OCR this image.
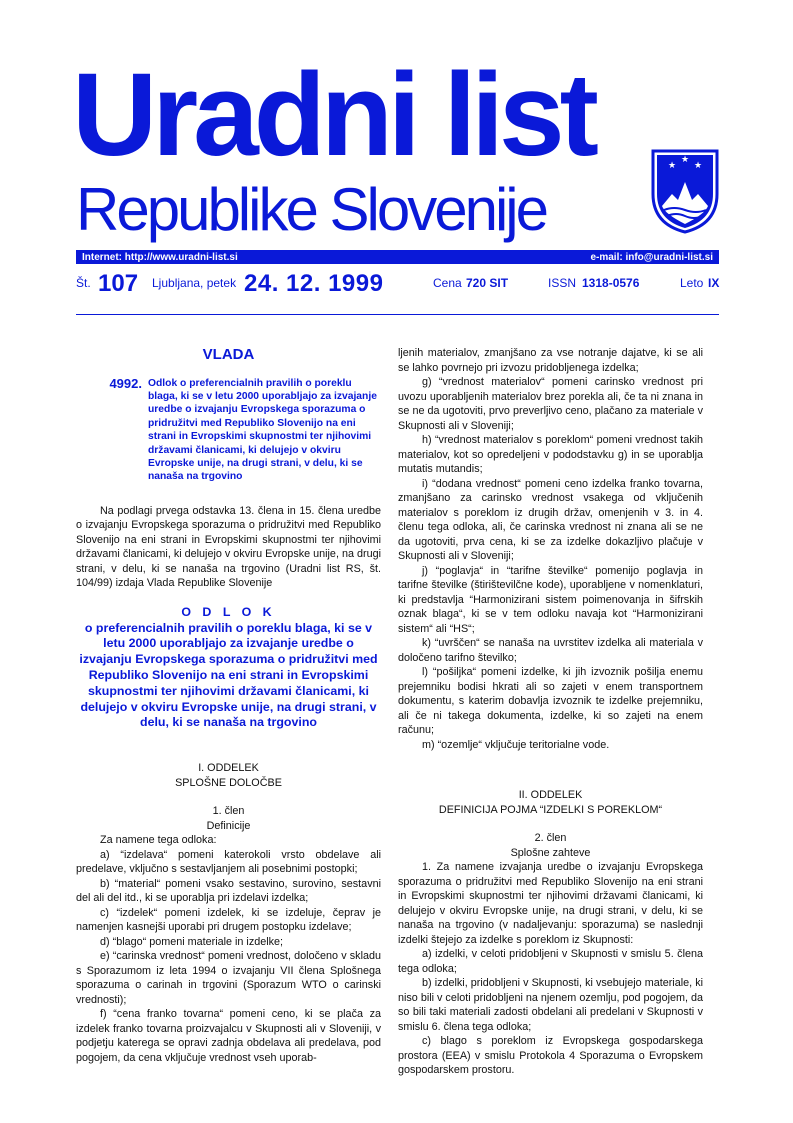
Uradni list
Republike Slovenije
★
★
★
Internet: http://www.uradni-list.si	e-mail: info@uradni-list.si
Št. 107 Ljubljana, petek 24. 12. 1999	Cena 720 SIT	ISSN 1318-0576	Leto IX
VLADA
4992. Odlok o preferencialnih pravilih o poreklu blaga, ki se v letu 2000 uporabljajo za izvajanje uredbe o izvajanju Evropskega sporazuma o pridružitvi med Republiko Slovenijo na eni strani in Evropskimi skupnostmi ter njihovimi državami članicami, ki delujejo v okviru Evropske unije, na drugi strani, v delu, ki se nanaša na trgovino

Na podlagi prvega odstavka 13. člena in 15. člena uredbe o izvajanju Evropskega sporazuma o pridružitvi med Republiko Slovenijo na eni strani in Evropskimi skupnostmi ter njihovimi državami članicami, ki delujejo v okviru Evropske unije, na drugi strani, v delu, ki se nanaša na trgovino (Uradni list RS, št. 104/99) izdaja Vlada Republike Slovenije

O D L O K
o preferencialnih pravilih o poreklu blaga, ki se v letu 2000 uporabljajo za izvajanje uredbe o izvajanju Evropskega sporazuma o pridružitvi med Republiko Slovenijo na eni strani in Evropskimi skupnostmi ter njihovimi državami članicami, ki delujejo v okviru Evropske unije, na drugi strani, v delu, ki se nanaša na trgovino

I. ODDELEK

SPLOŠNE DOLOČBE

1. člen

Definicije

Za namene tega odloka:

a) “izdelava“ pomeni katerokoli vrsto obdelave ali predelave, vključno s sestavljanjem ali posebnimi postopki;

b) “material“ pomeni vsako sestavino, surovino, sestavni del ali del itd., ki se uporablja pri izdelavi izdelka;

c) “izdelek“ pomeni izdelek, ki se izdeluje, čeprav je namenjen kasnejši uporabi pri drugem postopku izdelave;

d) “blago“ pomeni materiale in izdelke;

e) “carinska vrednost“ pomeni vrednost, določeno v skladu s Sporazumom iz leta 1994 o izvajanju VII člena Splošnega sporazuma o carinah in trgovini (Sporazum WTO o carinski vrednosti);

f) “cena franko tovarna“ pomeni ceno, ki se plača za izdelek franko tovarna proizvajalcu v Skupnosti ali v Sloveniji, v podjetju katerega se opravi zadnja obdelava ali predelava, pod pogojem, da cena vključuje vrednost vseh uporab-

ljenih materialov, zmanjšano za vse notranje dajatve, ki se ali se lahko povrnejo pri izvozu pridobljenega izdelka;

g) “vrednost materialov“ pomeni carinsko vrednost pri uvozu uporabljenih materialov brez porekla ali, če ta ni znana in se ne da ugotoviti, prvo preverljivo ceno, plačano za materiale v Skupnosti ali v Sloveniji;

h) “vrednost materialov s poreklom“ pomeni vrednost takih materialov, kot so opredeljeni v pododstavku g) in se uporablja mutatis mutandis;

i) “dodana vrednost“ pomeni ceno izdelka franko tovarna, zmanjšano za carinsko vrednost vsakega od vključenih materialov s poreklom iz drugih držav, omenjenih v 3. in 4. členu tega odloka, ali, če carinska vrednost ni znana ali se ne da ugotoviti, prva cena, ki se za izdelke dokazljivo plačuje v Skupnosti ali v Sloveniji;

j) “poglavja“ in “tarifne številke“ pomenijo poglavja in tarifne številke (štirištevilčne kode), uporabljene v nomenklaturi, ki predstavlja “Harmonizirani sistem poimenovanja in šifrskih oznak blaga“, ki se v tem odloku navaja kot “Harmonizirani sistem“ ali “HS“;

k) “uvrščen“ se nanaša na uvrstitev izdelka ali materiala v določeno tarifno številko;

l) “pošiljka“ pomeni izdelke, ki jih izvoznik pošilja enemu prejemniku bodisi hkrati ali so zajeti v enem transportnem dokumentu, s katerim dobavlja izvoznik te izdelke prejemniku, ali če ni takega dokumenta, izdelke, ki so zajeti na enem računu;

m) “ozemlje“ vključuje teritorialne vode.

II. ODDELEK

DEFINICIJA POJMA “IZDELKI S POREKLOM“

2. člen

Splošne zahteve

1. Za namene izvajanja uredbe o izvajanju Evropskega sporazuma o pridružitvi med Republiko Slovenijo na eni strani in Evropskimi skupnostmi ter njihovimi državami članicami, ki delujejo v okviru Evropske unije, na drugi strani, v delu, ki se nanaša na trgovino (v nadaljevanju: sporazuma) se naslednji izdelki štejejo za izdelke s poreklom iz Skupnosti:

a) izdelki, v celoti pridobljeni v Skupnosti v smislu 5. člena tega odloka;

b) izdelki, pridobljeni v Skupnosti, ki vsebujejo materiale, ki niso bili v celoti pridobljeni na njenem ozemlju, pod pogojem, da so bili taki materiali zadosti obdelani ali predelani v Skupnosti v smislu 6. člena tega odloka;

c) blago s poreklom iz Evropskega gospodarskega prostora (EEA) v smislu Protokola 4 Sporazuma o Evropskem gospodarskem prostoru.
